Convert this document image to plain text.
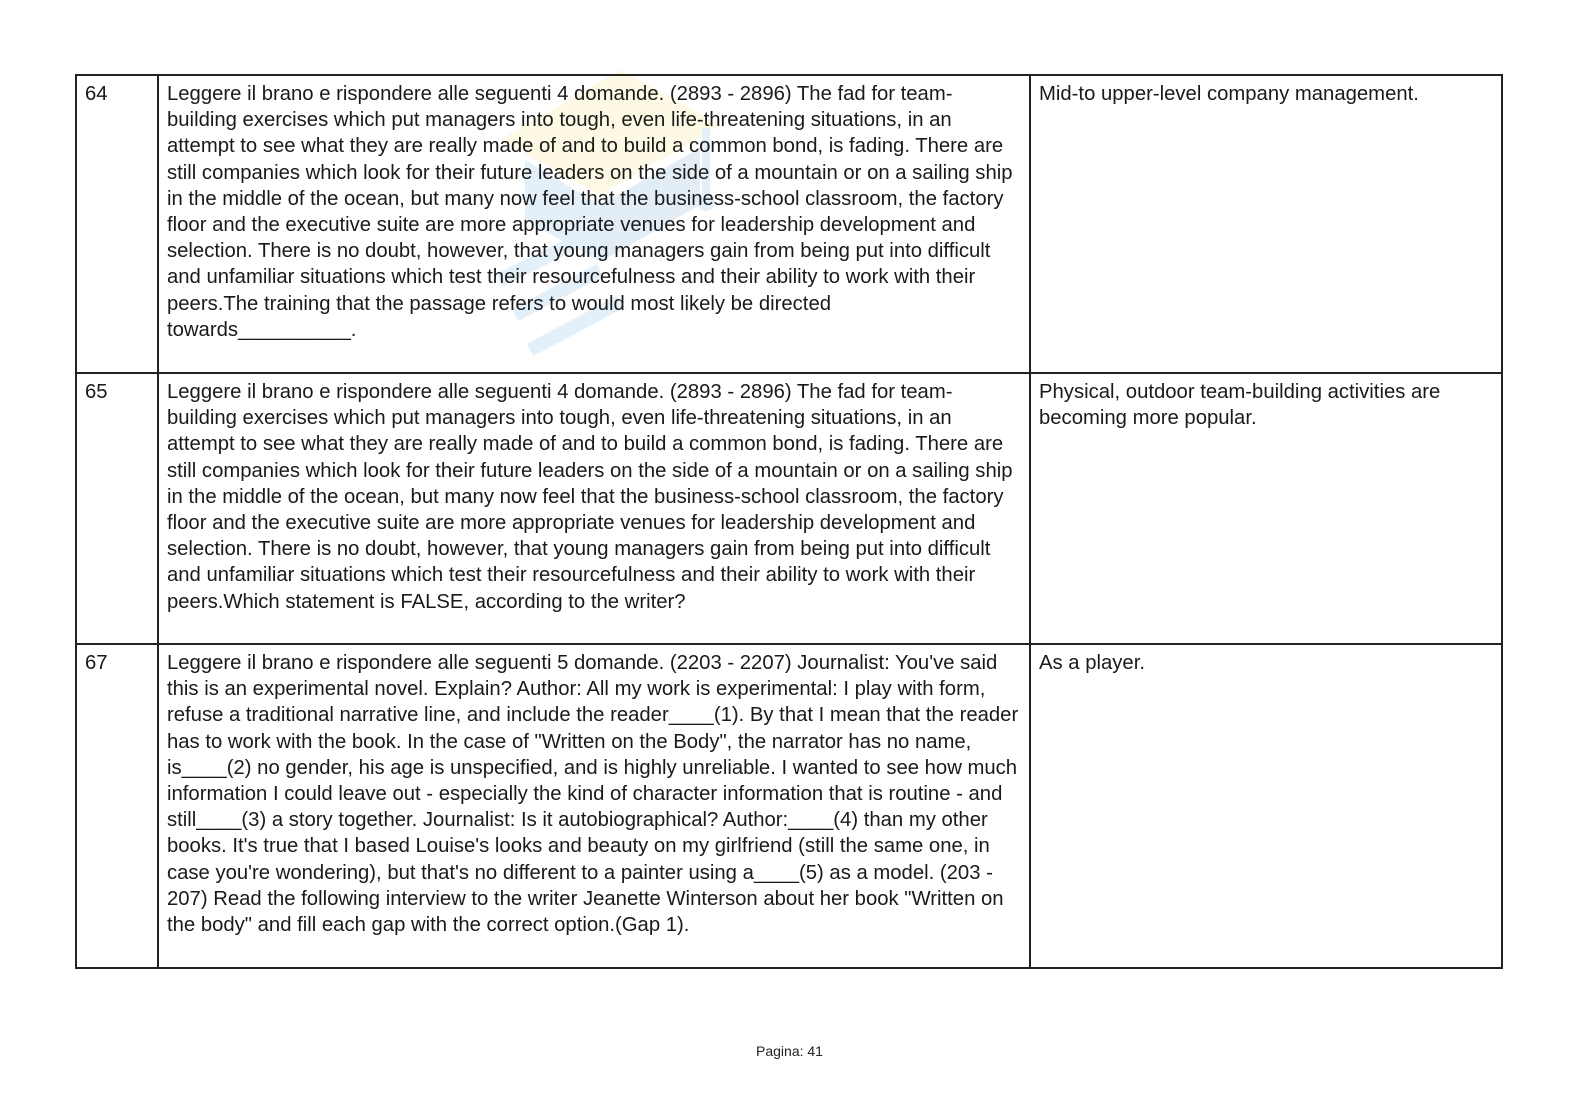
64	Leggere il brano e rispondere alle seguenti 4 domande. (2893 - 2896) The fad for team-building exercises which put managers into tough, even life-threatening situations, in an attempt to see what they are really made of and to build a common bond, is fading. There are still companies which look for their future leaders on the side of a mountain or on a sailing ship in the middle of the ocean, but many now feel that the business-school classroom, the factory floor and the executive suite are more appropriate venues for leadership development and selection. There is no doubt, however, that young managers gain from being put into difficult and unfamiliar situations which test their resourcefulness and their ability to work with their peers.The training that the passage refers to would most likely be directed towards__________.	Mid-to upper-level company management.
65	Leggere il brano e rispondere alle seguenti 4 domande. (2893 - 2896) The fad for team-building exercises which put managers into tough, even life-threatening situations, in an attempt to see what they are really made of and to build a common bond, is fading. There are still companies which look for their future leaders on the side of a mountain or on a sailing ship in the middle of the ocean, but many now feel that the business-school classroom, the factory floor and the executive suite are more appropriate venues for leadership development and selection. There is no doubt, however, that young managers gain from being put into difficult and unfamiliar situations which test their resourcefulness and their ability to work with their peers.Which statement is FALSE, according to the writer?	Physical, outdoor team-building activities are becoming more popular.
67	Leggere il brano e rispondere alle seguenti 5 domande. (2203 - 2207) Journalist: You've said this is an experimental novel. Explain? Author: All my work is experimental: I play with form, refuse a traditional narrative line, and include the reader____(1). By that I mean that the reader has to work with the book. In the case of "Written on the Body", the narrator has no name, is____(2) no gender, his age is unspecified, and is highly unreliable. I wanted to see how much information I could leave out - especially the kind of character information that is routine - and still____(3) a story together. Journalist: Is it autobiographical? Author:____(4) than my other books. It's true that I based Louise's looks and beauty on my girlfriend (still the same one, in case you're wondering), but that's no different to a painter using a____(5) as a model. (203 - 207) Read the following interview to the writer Jeanette Winterson about her book "Written on the body" and fill each gap with the correct option.(Gap 1).	As a player.
Pagina: 41
